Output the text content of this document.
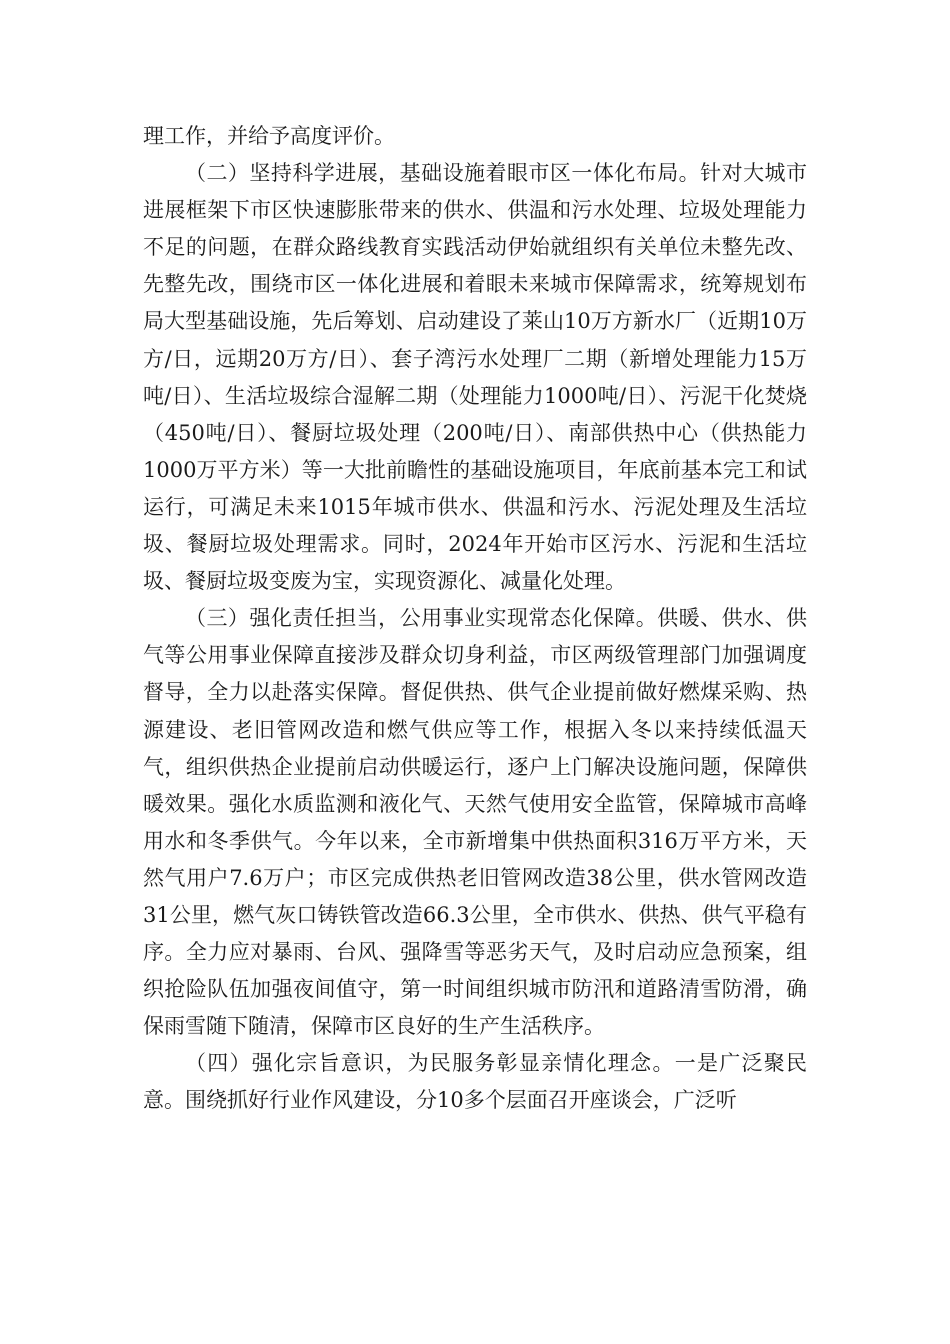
理工作，并给予高度评价。

（二）坚持科学进展，基础设施着眼市区一体化布局。针对大城市进展框架下市区快速膨胀带来的供水、供温和污水处理、垃圾处理能力不足的问题，在群众路线教育实践活动伊始就组织有关单位未整先改、先整先改，围绕市区一体化进展和着眼未来城市保障需求，统筹规划布局大型基础设施，先后筹划、启动建设了莱山10万方新水厂（近期10万方/日，远期20万方/日）、套子湾污水处理厂二期（新增处理能力15万吨/日）、生活垃圾综合湿解二期（处理能力1000吨/日）、污泥干化焚烧（450吨/日）、餐厨垃圾处理（200吨/日）、南部供热中心（供热能力1000万平方米）等一大批前瞻性的基础设施项目，年底前基本完工和试运行，可满足未来1015年城市供水、供温和污水、污泥处理及生活垃圾、餐厨垃圾处理需求。同时，2024年开始市区污水、污泥和生活垃圾、餐厨垃圾变废为宝，实现资源化、减量化处理。

（三）强化责任担当，公用事业实现常态化保障。供暖、供水、供气等公用事业保障直接涉及群众切身利益，市区两级管理部门加强调度督导，全力以赴落实保障。督促供热、供气企业提前做好燃煤采购、热源建设、老旧管网改造和燃气供应等工作，根据入冬以来持续低温天气，组织供热企业提前启动供暖运行，逐户上门解决设施问题，保障供暖效果。强化水质监测和液化气、天然气使用安全监管，保障城市高峰用水和冬季供气。今年以来，全市新增集中供热面积316万平方米，天然气用户7.6万户；市区完成供热老旧管网改造38公里，供水管网改造31公里，燃气灰口铸铁管改造66.3公里，全市供水、供热、供气平稳有序。全力应对暴雨、台风、强降雪等恶劣天气，及时启动应急预案，组织抢险队伍加强夜间值守，第一时间组织城市防汛和道路清雪防滑，确保雨雪随下随清，保障市区良好的生产生活秩序。

（四）强化宗旨意识，为民服务彰显亲情化理念。一是广泛聚民意。围绕抓好行业作风建设，分10多个层面召开座谈会，广泛听
